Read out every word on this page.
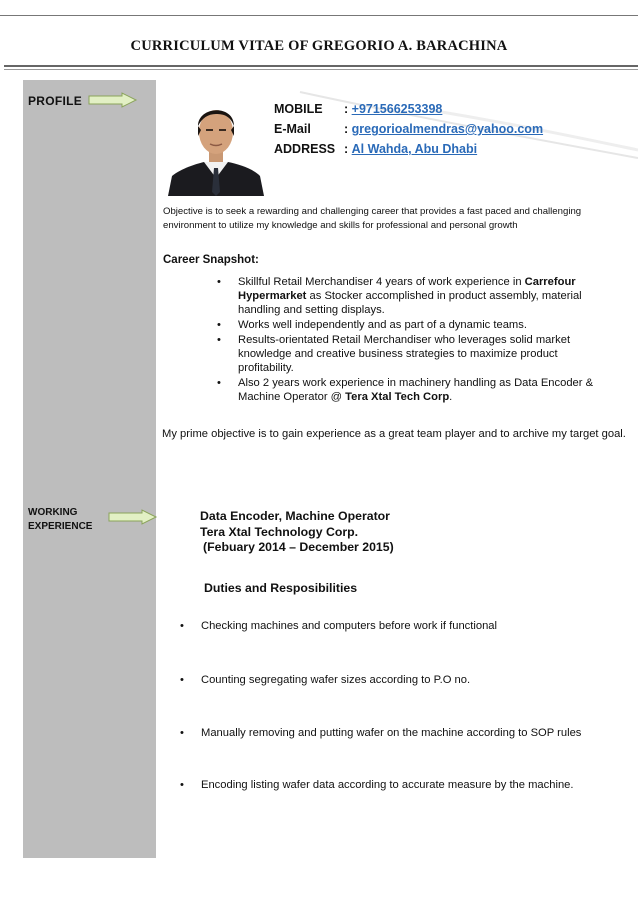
CURRICULUM VITAE OF GREGORIO A. BARACHINA
PROFILE
WORKING
EXPERIENCE
MOBILE	: +971566253398
E-Mail	:
gregorioalmendras@yahoo.com
ADDRESS :
Al Wahda, Abu Dhabi
Objective is to seek a rewarding and challenging career that provides a fast paced and challenging environment to utilize my knowledge and skills for professional and personal growth
Career Snapshot:
• Skillful Retail Merchandiser 4 years of work experience in Carrefour Hypermarket as Stocker accomplished in product assembly, material handling and setting displays.
• Works well independently and as part of a dynamic teams.
• Results-orientated Retail Merchandiser who leverages solid market knowledge and creative business strategies to maximize product profitability.
• Also 2 years work experience in machinery handling as Data Encoder & Machine Operator @ Tera Xtal Tech Corp.
My prime objective is to gain experience as a great team player and to archive my target goal.
Data Encoder, Machine Operator
Tera Xtal Technology Corp.
(Febuary 2014 – December 2015)
Duties and Resposibilities
• Checking machines and computers before work if functional
• Counting segregating wafer sizes according to P.O no.
• Manually removing and putting wafer on the machine according to SOP rules
• Encoding listing wafer data according to accurate measure by the machine.
